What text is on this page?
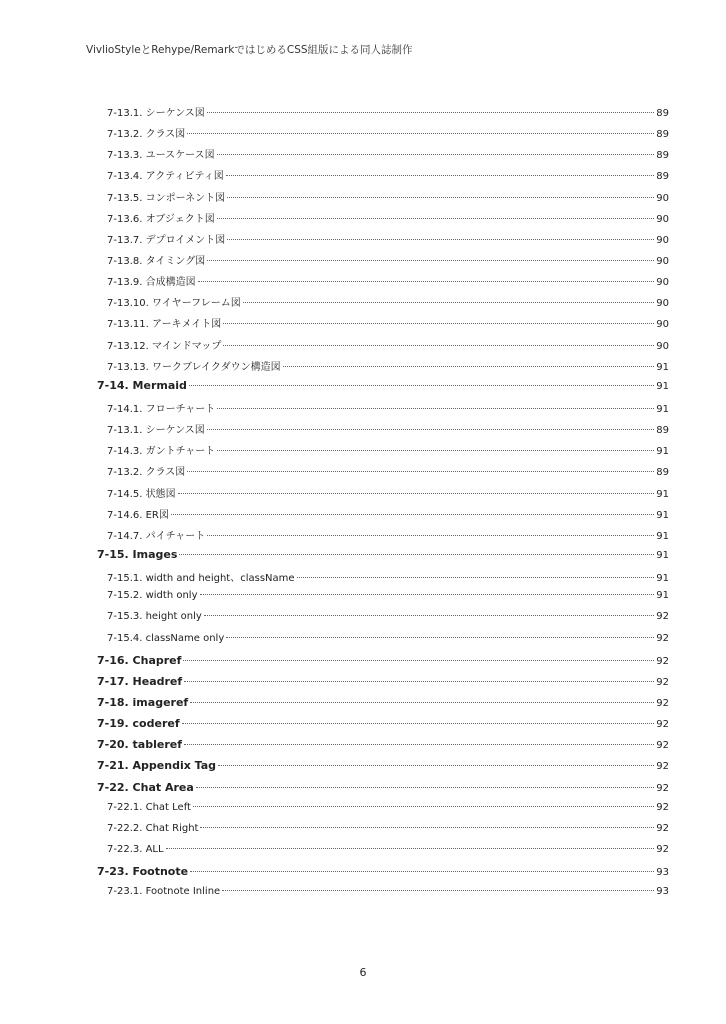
VivlioStyleとRehype/RemarkではじめるCSS組版による同人誌制作
7-13.1. シーケンス図	89
7-13.2. クラス図	89
7-13.3. ユースケース図	89
7-13.4. アクティビティ図	89
7-13.5. コンポーネント図	90
7-13.6. オブジェクト図	90
7-13.7. デプロイメント図	90
7-13.8. タイミング図	90
7-13.9. 合成構造図	90
7-13.10. ワイヤーフレーム図	90
7-13.11. アーキメイト図	90
7-13.12. マインドマップ	90
7-13.13. ワークブレイクダウン構造図	91
7-14. Mermaid	91
7-14.1. フローチャート	91
7-13.1. シーケンス図	89
7-14.3. ガントチャート	91
7-13.2. クラス図	89
7-14.5. 状態図	91
7-14.6. ER図	91
7-14.7. パイチャート	91
7-15. Images	91
7-15.1. width and height、className	91
7-15.2. width only	91
7-15.3. height only	92
7-15.4. className only	92
7-16. Chapref	92
7-17. Headref	92
7-18. imageref	92
7-19. coderef	92
7-20. tableref	92
7-21. Appendix Tag	92
7-22. Chat Area	92
7-22.1. Chat Left	92
7-22.2. Chat Right	92
7-22.3. ALL	92
7-23. Footnote	93
7-23.1. Footnote Inline	93
6
